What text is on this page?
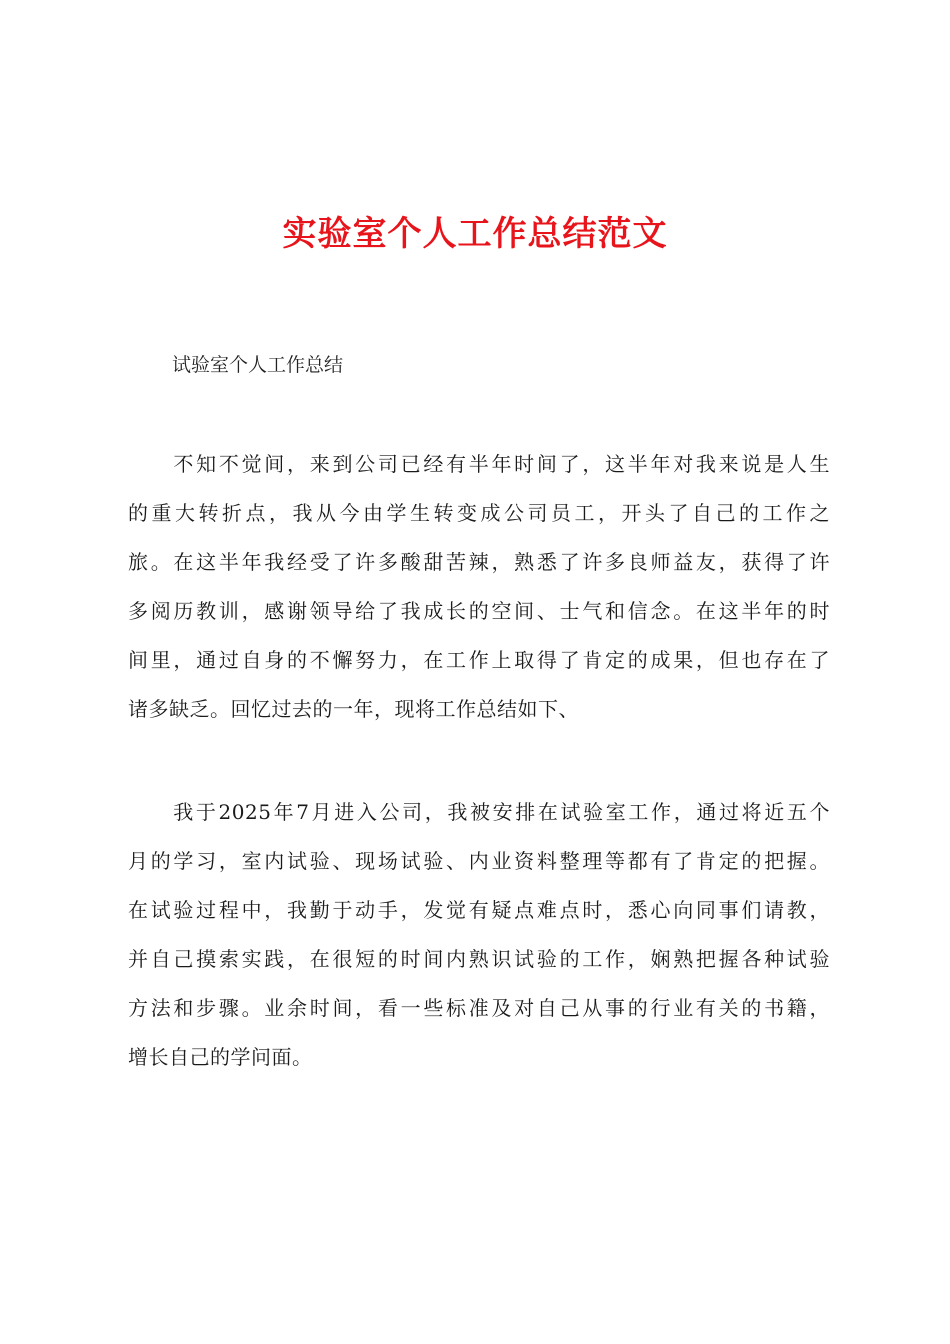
实验室个人工作总结范文

试验室个人工作总结

　　不知不觉间，来到公司已经有半年时间了，这半年对我来说是人生
的重大转折点，我从今由学生转变成公司员工，开头了自己的工作之
旅。在这半年我经受了许多酸甜苦辣，熟悉了许多良师益友，获得了许
多阅历教训，感谢领导给了我成长的空间、士气和信念。在这半年的时
间里，通过自身的不懈努力，在工作上取得了肯定的成果，但也存在了
诸多缺乏。回忆过去的一年，现将工作总结如下、
　　我于2025年7月进入公司，我被安排在试验室工作，通过将近五个
月的学习，室内试验、现场试验、内业资料整理等都有了肯定的把握。
在试验过程中，我勤于动手，发觉有疑点难点时，悉心向同事们请教，
并自己摸索实践，在很短的时间内熟识试验的工作，娴熟把握各种试验
方法和步骤。业余时间，看一些标准及对自己从事的行业有关的书籍，
增长自己的学问面。
